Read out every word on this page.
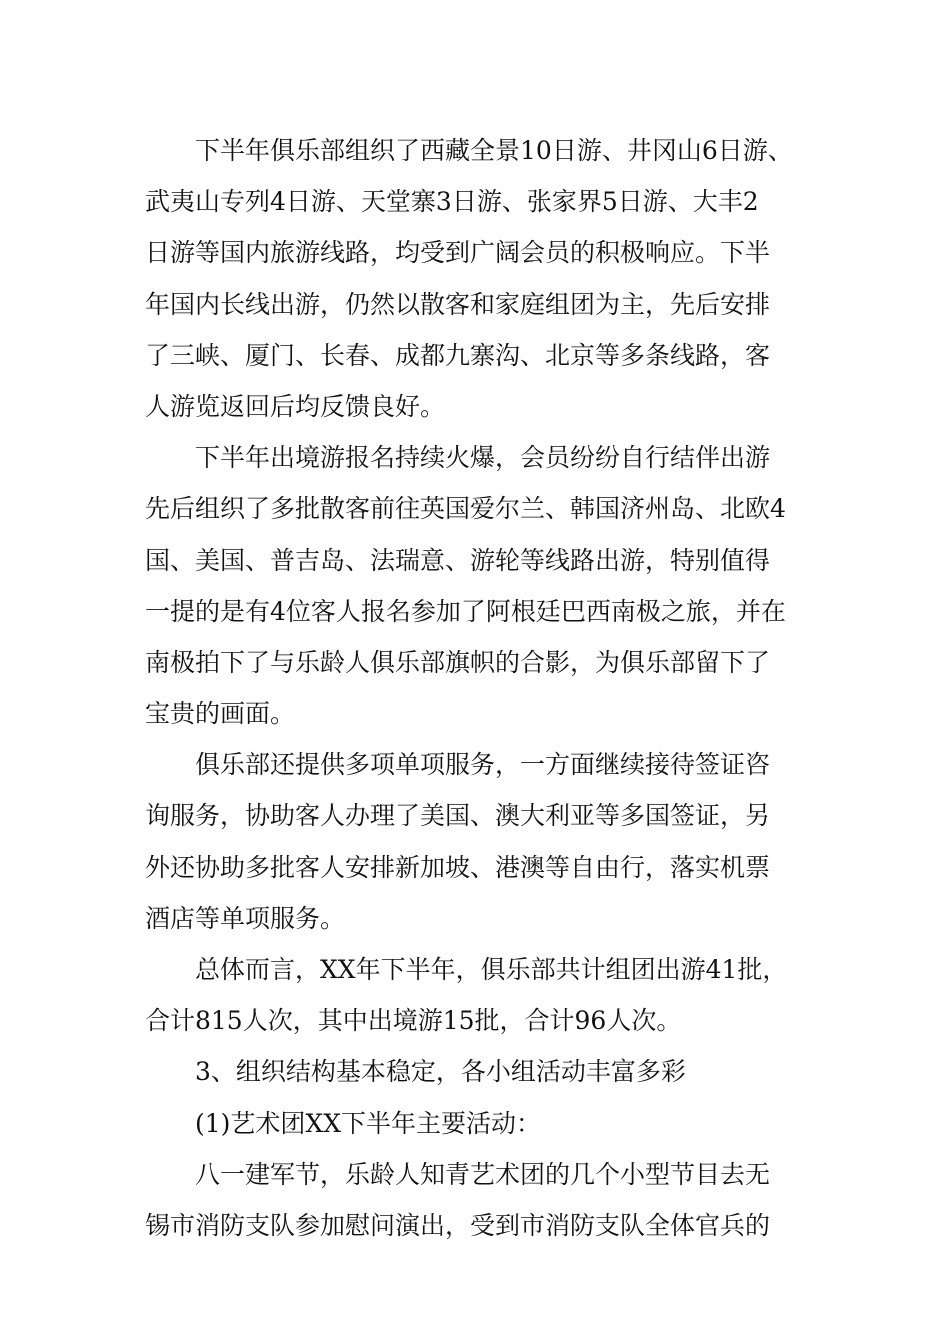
下半年俱乐部组织了西藏全景10日游、井冈山6日游、
武夷山专列4日游、天堂寨3日游、张家界5日游、大丰2
日游等国内旅游线路，均受到广阔会员的积极响应。下半
年国内长线出游，仍然以散客和家庭组团为主，先后安排
了三峡、厦门、长春、成都九寨沟、北京等多条线路，客
人游览返回后均反馈良好。
下半年出境游报名持续火爆，会员纷纷自行结伴出游
先后组织了多批散客前往英国爱尔兰、韩国济州岛、北欧4
国、美国、普吉岛、法瑞意、游轮等线路出游，特别值得
一提的是有4位客人报名参加了阿根廷巴西南极之旅，并在
南极拍下了与乐龄人俱乐部旗帜的合影，为俱乐部留下了
宝贵的画面。
俱乐部还提供多项单项服务，一方面继续接待签证咨
询服务，协助客人办理了美国、澳大利亚等多国签证，另
外还协助多批客人安排新加坡、港澳等自由行，落实机票
酒店等单项服务。
总体而言，XX年下半年，俱乐部共计组团出游41批，
合计815人次，其中出境游15批，合计96人次。
3、组织结构基本稳定，各小组活动丰富多彩
(1)艺术团XX下半年主要活动：
八一建军节，乐龄人知青艺术团的几个小型节目去无
锡市消防支队参加慰问演出，受到市消防支队全体官兵的
